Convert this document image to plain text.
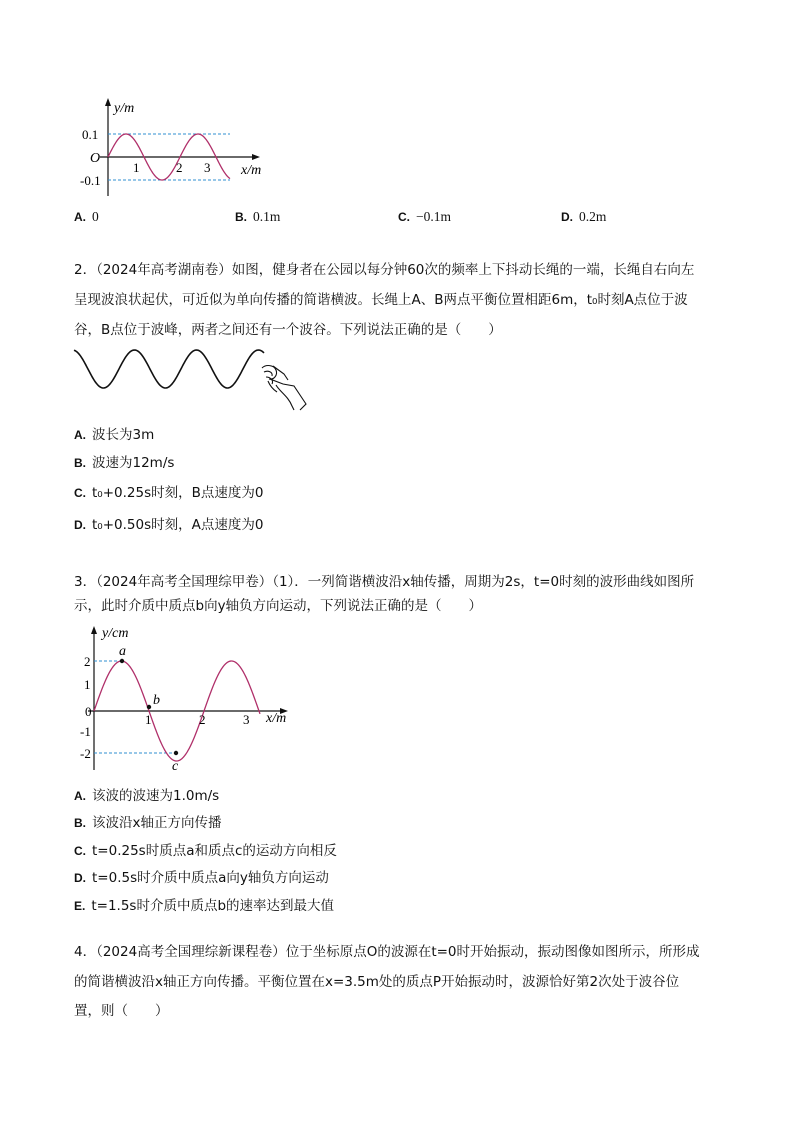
y/m
0.1
O
-0.1
1	2 3 x/m
A. 0	B. 0.1m	C. −0.1m	D. 0.2m
2．（2024年高考湖南卷）如图，健身者在公园以每分钟60次的频率上下抖动长绳的一端，长绳自右向左
呈现波浪状起伏，可近似为单向传播的简谐横波。长绳上A、B两点平衡位置相距6m，t₀时刻A点位于波
谷，B点位于波峰，两者之间还有一个波谷。下列说法正确的是（　　）
A. 波长为3m
B. 波速为12m/s
C. t₀+0.25s时刻，B点速度为0
D. t₀+0.50s时刻，A点速度为0
3．（2024年高考全国理综甲卷）（1）．一列简谐横波沿x轴传播，周期为2s，t=0时刻的波形曲线如图所
示，此时介质中质点b向y轴负方向运动，下列说法正确的是（　　）
a
b
c
y/cm
2
1
0
-1
-2
1	2	3 x/m
A. 该波的波速为1.0m/s
B. 该波沿x轴正方向传播
C. t=0.25s时质点a和质点c的运动方向相反
D. t=0.5s时介质中质点a向y轴负方向运动
E. t=1.5s时介质中质点b的速率达到最大值
4．（2024高考全国理综新课程卷）位于坐标原点O的波源在t=0时开始振动，振动图像如图所示，所形成
的简谐横波沿x轴正方向传播。平衡位置在x=3.5m处的质点P开始振动时，波源恰好第2次处于波谷位
置，则（　　）
